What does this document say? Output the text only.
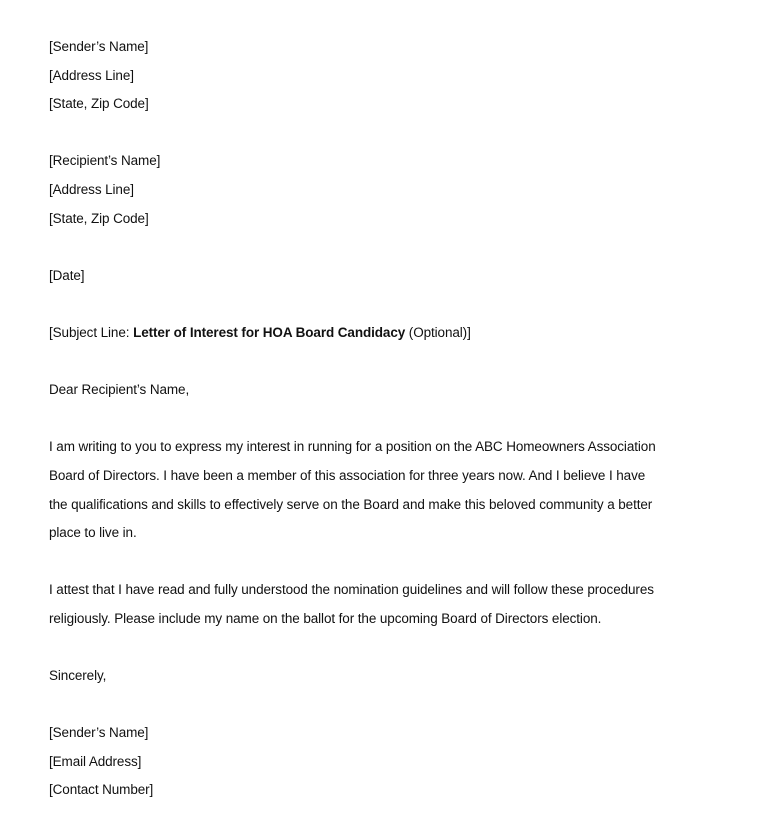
[Sender’s Name]
[Address Line]
[State, Zip Code]
[Recipient’s Name]
[Address Line]
[State, Zip Code]
[Date]
[Subject Line: Letter of Interest for HOA Board Candidacy (Optional)]
Dear Recipient’s Name,
I am writing to you to express my interest in running for a position on the ABC Homeowners Association
Board of Directors. I have been a member of this association for three years now. And I believe I have
the qualifications and skills to effectively serve on the Board and make this beloved community a better
place to live in.
I attest that I have read and fully understood the nomination guidelines and will follow these procedures
religiously. Please include my name on the ballot for the upcoming Board of Directors election.
Sincerely,
[Sender’s Name]
[Email Address]
[Contact Number]
